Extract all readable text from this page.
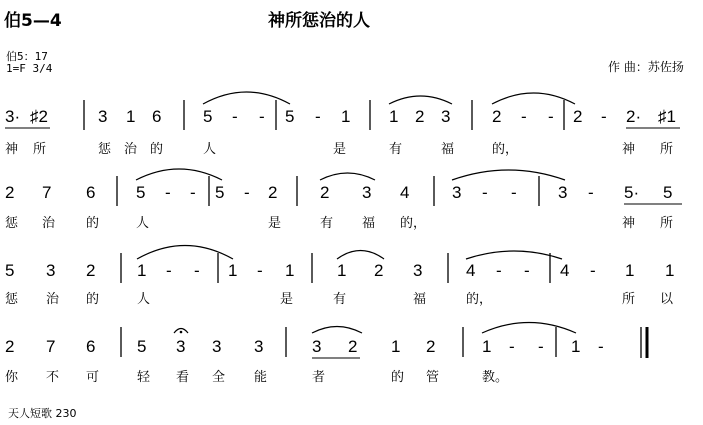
伯5—4	神所惩治的人
伯5：17
1=F 3/4	作 曲：苏佐扬
天人短歌 230
3· ♯2	3 1 6 5 - - 5 - 1 1 2 3 2 - - 2 - 2· ♯1
神 所	惩 治 的	人	是	有	福	的，	神 所
2 7 6 5 - - 5 - 2	2 3 4	3 - - 3 - 5· 5
惩 治 的	人	是	有 福 的，	神 所
5 3 2 1 - - 1 - 1	1 2 3	4 - - 4 - 1 1
惩 治 的	人	是	有	福	的，	所 以
2 7 6 5 3 3 3	3 2 1 2	1 - - 1 -
你 不 可	轻 看 全 能	者	的 管	教。
